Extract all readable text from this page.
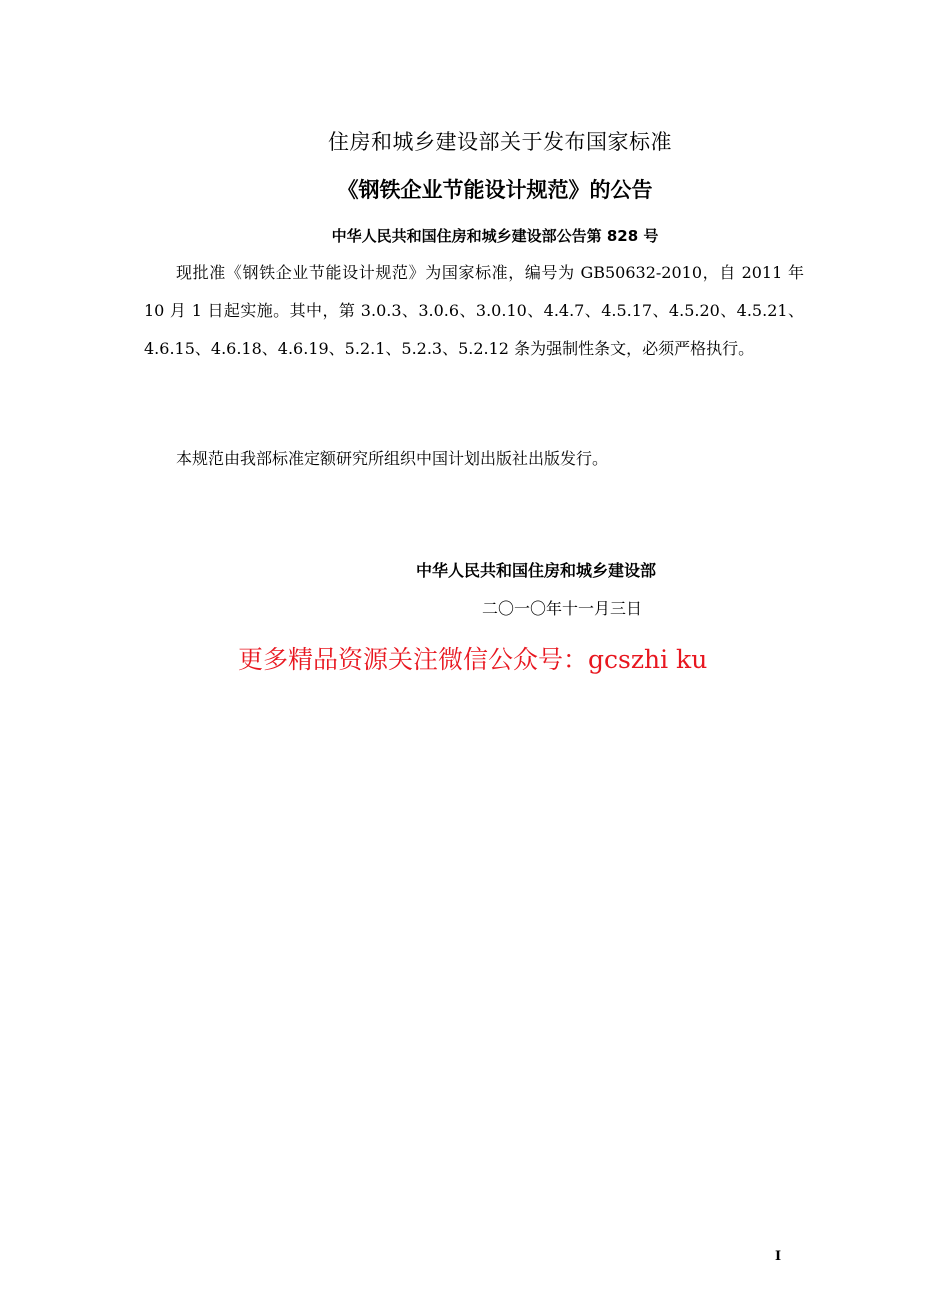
住房和城乡建设部关于发布国家标准
《钢铁企业节能设计规范》的公告
中华人民共和国住房和城乡建设部公告第 828 号
现批准《钢铁企业节能设计规范》为国家标准，编号为 GB50632-2010，自 2011 年 10 月 1 日起实施。其中，第 3.0.3、3.0.6、3.0.10、4.4.7、4.5.17、4.5.20、4.5.21、4.6.15、4.6.18、4.6.19、5.2.1、5.2.3、5.2.12 条为强制性条文，必须严格执行。
本规范由我部标准定额研究所组织中国计划出版社出版发行。
中华人民共和国住房和城乡建设部
二〇一〇年十一月三日
更多精品资源关注微信公众号：gcszhi ku
I
